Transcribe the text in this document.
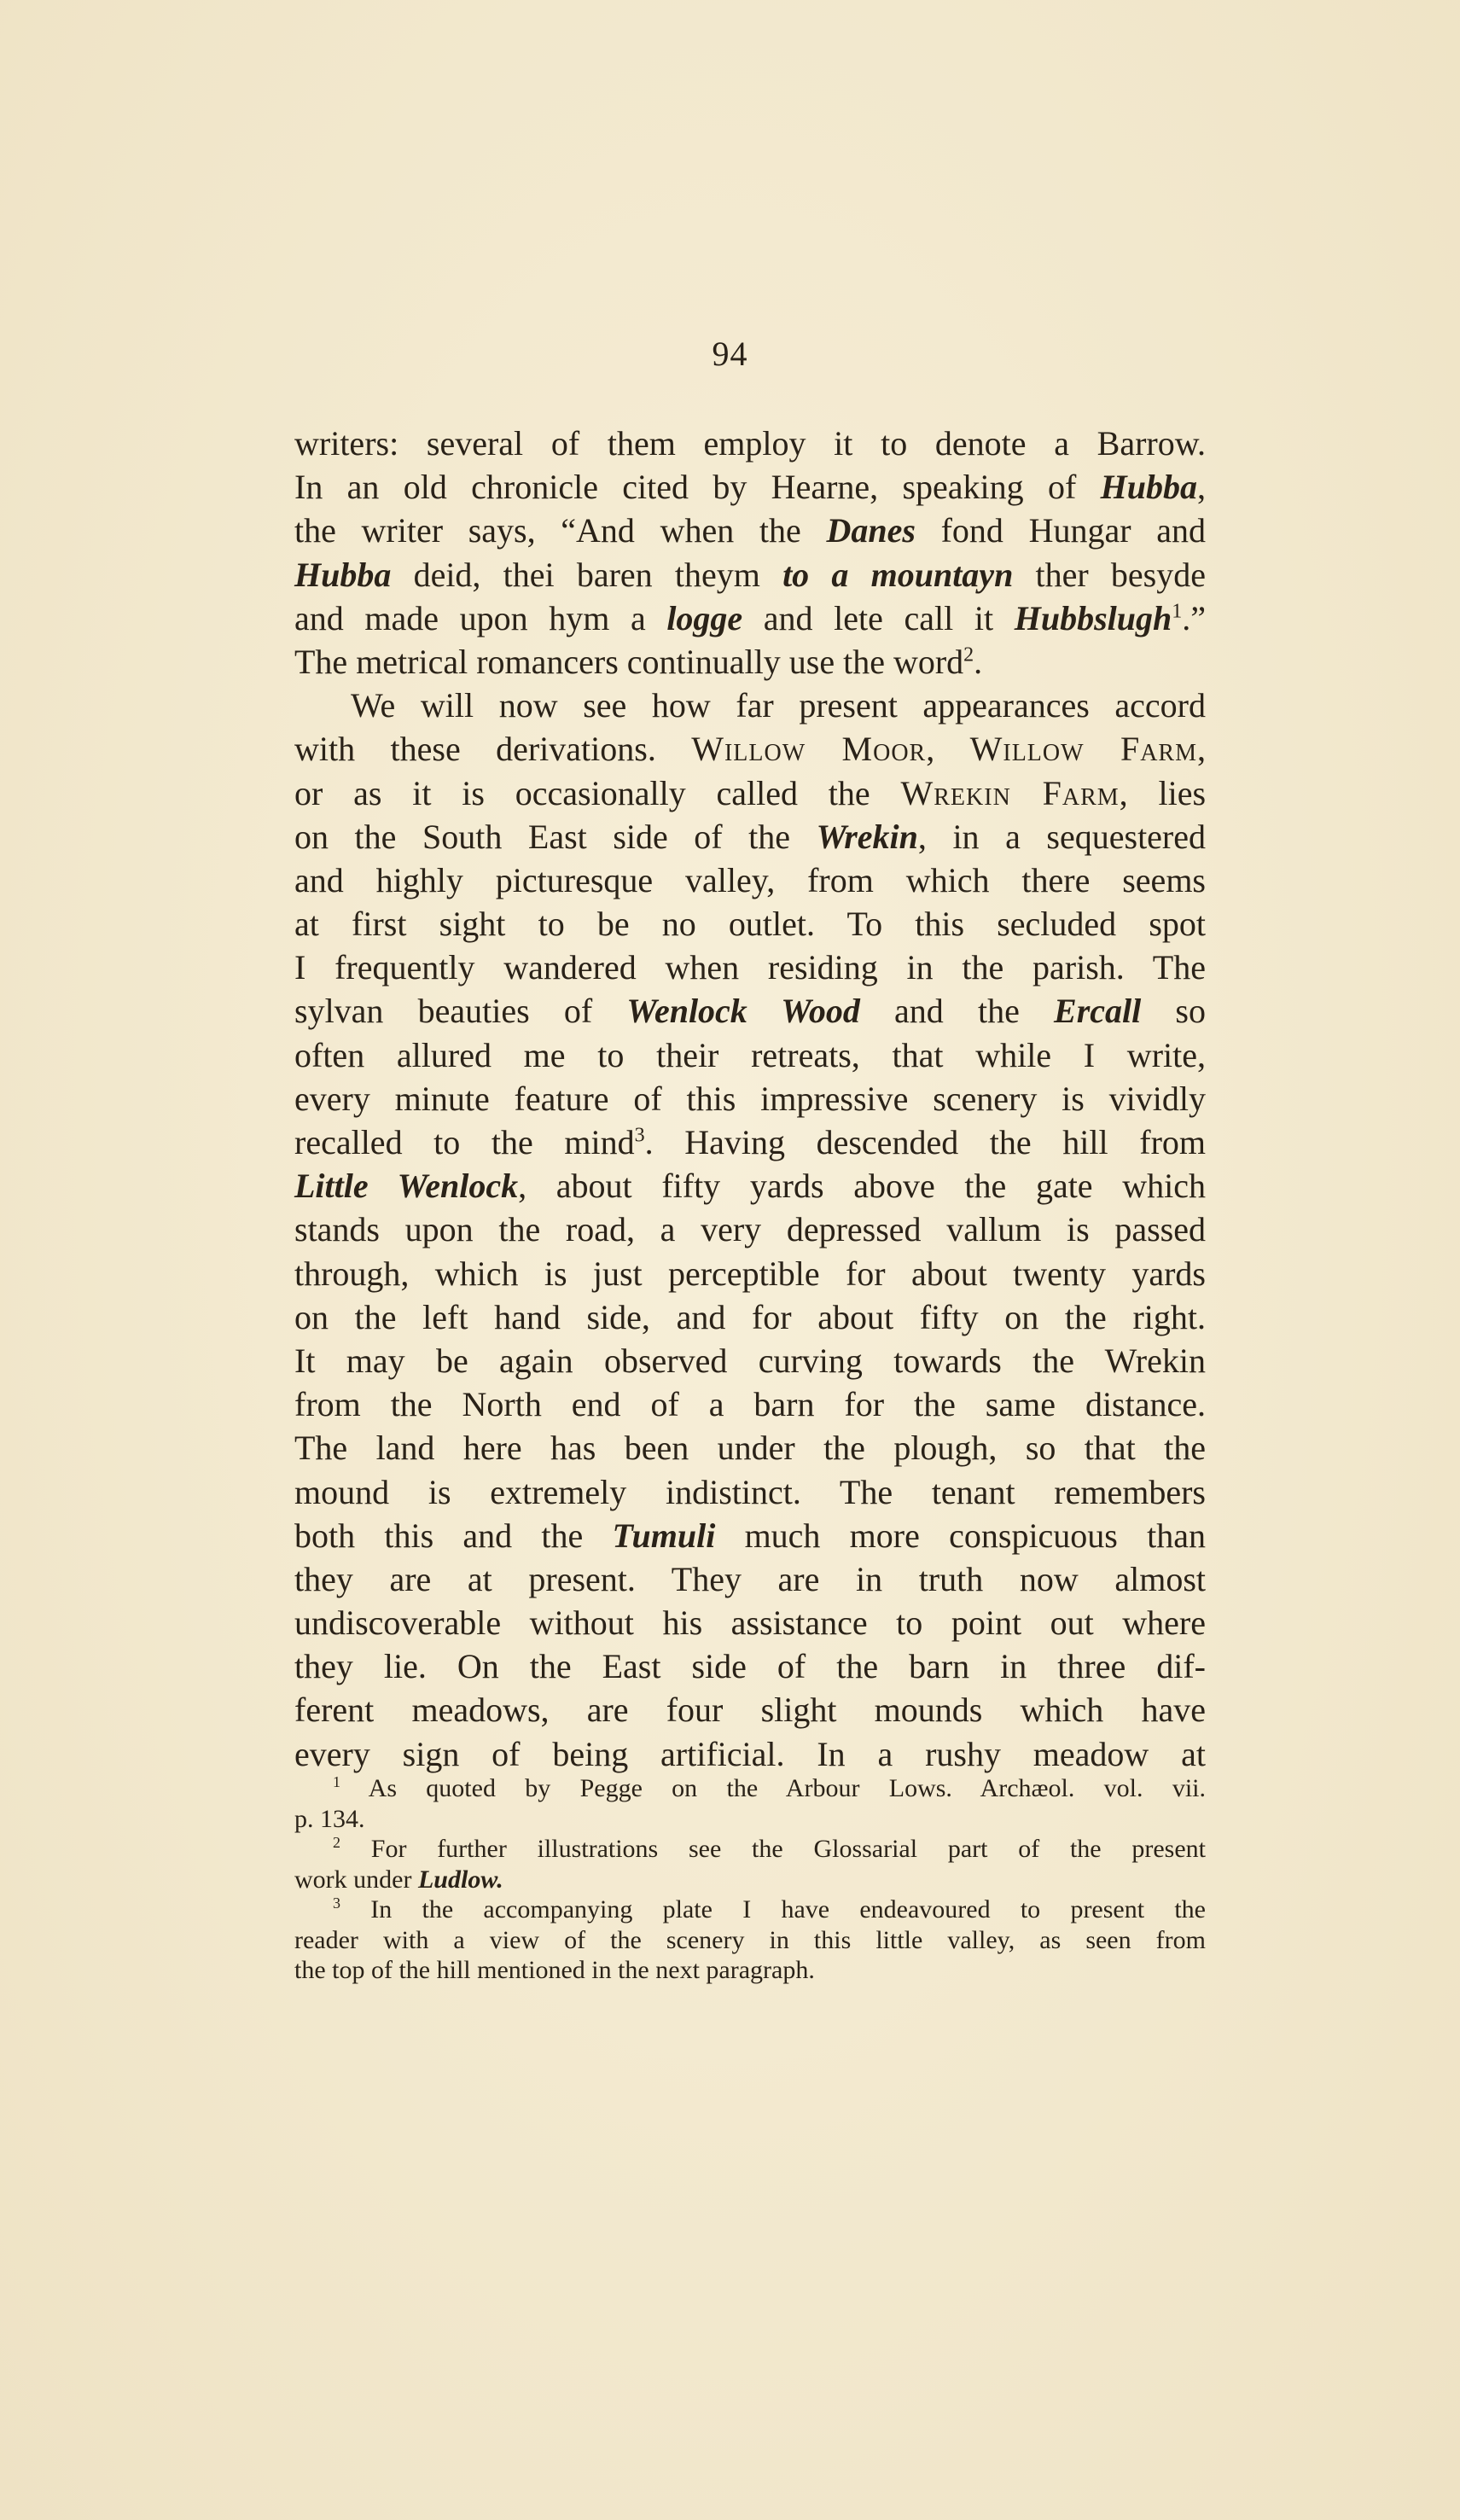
94
writers: several of them employ it to denote a Barrow.
In an old chronicle cited by Hearne, speaking of Hubba,
the writer says, “And when the Danes fond Hungar and
Hubba deid, thei baren theym to a mountayn ther besyde
and made upon hym a logge and lete call it Hubbslugh$^1$.”
The metrical romancers continually use the word$^2$.
We will now see how far present appearances accord
with these derivations. Willow Moor, Willow Farm,
or as it is occasionally called the Wrekin Farm, lies
on the South East side of the Wrekin, in a sequestered
and highly picturesque valley, from which there seems
at first sight to be no outlet. To this secluded spot
I frequently wandered when residing in the parish. The
sylvan beauties of Wenlock Wood and the Ercall so
often allured me to their retreats, that while I write,
every minute feature of this impressive scenery is vividly
recalled to the mind$^3$. Having descended the hill from
Little Wenlock, about fifty yards above the gate which
stands upon the road, a very depressed vallum is passed
through, which is just perceptible for about twenty yards
on the left hand side, and for about fifty on the right.
It may be again observed curving towards the Wrekin
from the North end of a barn for the same distance.
The land here has been under the plough, so that the
mound is extremely indistinct. The tenant remembers
both this and the Tumuli much more conspicuous than
they are at present. They are in truth now almost
undiscoverable without his assistance to point out where
they lie. On the East side of the barn in three dif-
ferent meadows, are four slight mounds which have
every sign of being artificial. In a rushy meadow at
$^1$ As quoted by Pegge on the Arbour Lows. Archæol. vol. vii.
p. 134.
$^2$ For further illustrations see the Glossarial part of the present
work under Ludlow.
$^3$ In the accompanying plate I have endeavoured to present the
reader with a view of the scenery in this little valley, as seen from
the top of the hill mentioned in the next paragraph.
